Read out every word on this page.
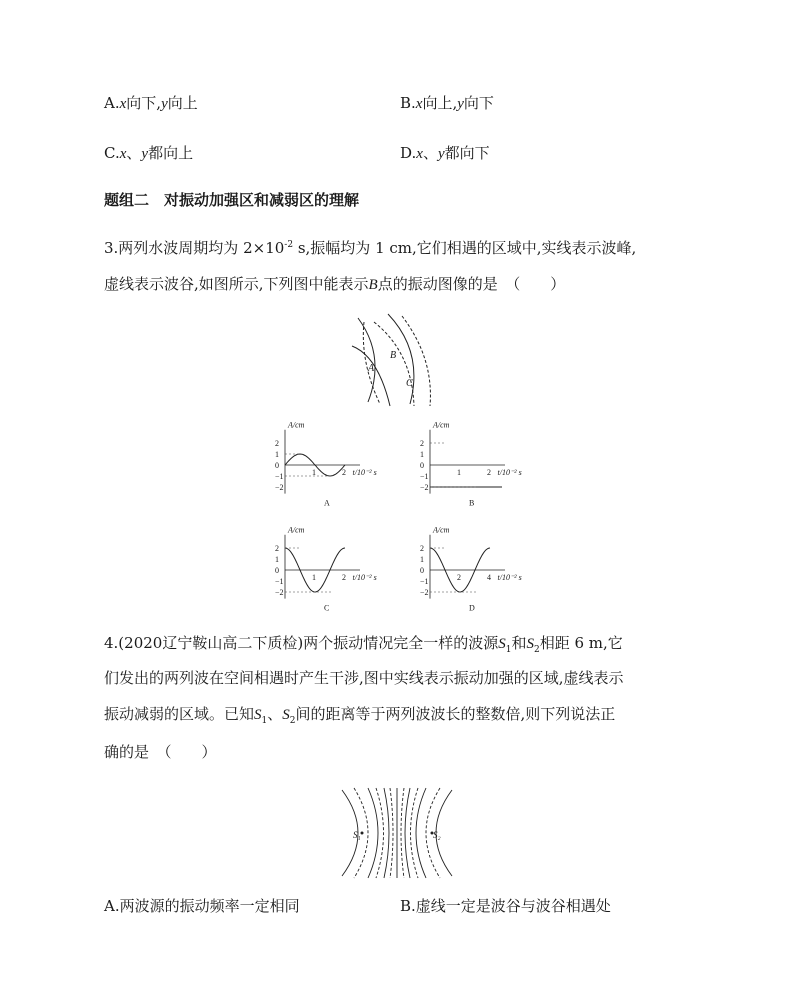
A.x向下,y向上	B.x向上,y向下
C.x、y都向上	D.x、y都向下
题组二　对振动加强区和减弱区的理解
3.两列水波周期均为 $2\times 10^{-2}$ s,振幅均为 1 cm,它们相遇的区域中,实线表示波峰,
虚线表示波谷,如图所示,下列图中能表示B点的振动图像的是　（　　）
A
B
C
A/cm
2
1
0
−1
−2
1	2 t/10⁻² s
A
A/cm
2
1
0
−1
−2
1	2 t/10⁻² s
B
A/cm
2
1
0
−1
−2
1	2 t/10⁻² s
C
A/cm
2
1
0
−1
−2
2	4 t/10⁻² s
D
4.(2020辽宁鞍山高二下质检)两个振动情况完全一样的波源$S_1$和$S_2$相距 6 m,它
们发出的两列波在空间相遇时产生干涉,图中实线表示振动加强的区域,虚线表示
振动减弱的区域。已知$S_1$、$S_2$间的距离等于两列波波长的整数倍,则下列说法正
确的是　（　　）
S₁	S₂
A.两波源的振动频率一定相同	B.虚线一定是波谷与波谷相遇处
